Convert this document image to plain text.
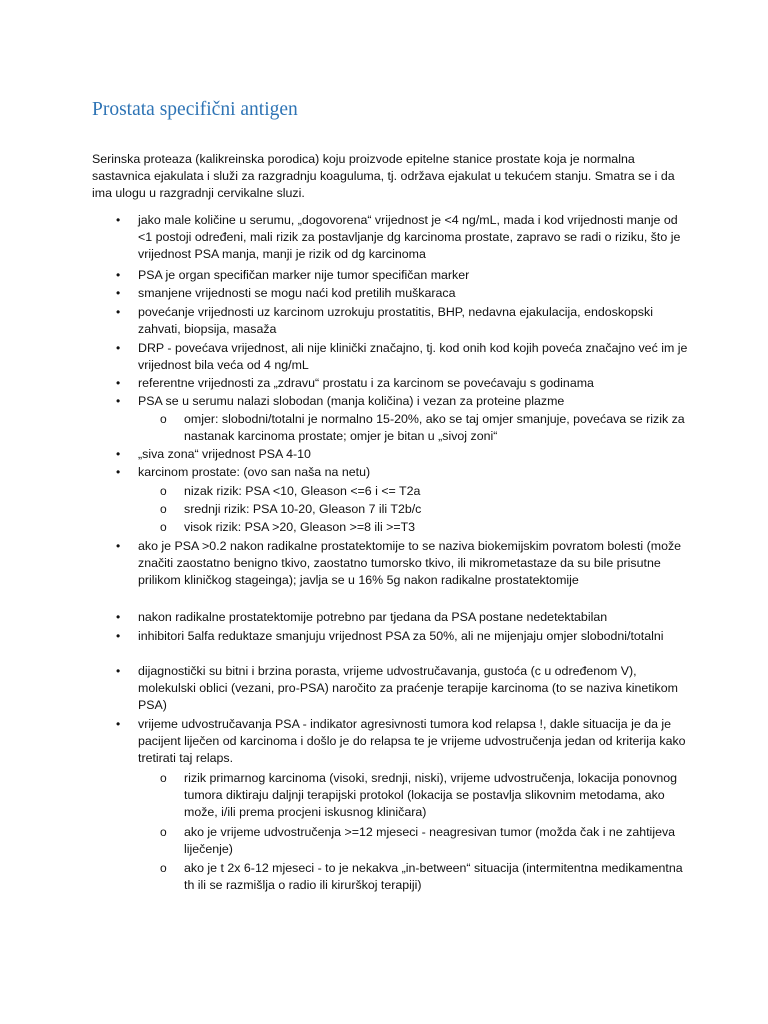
Prostata specifični antigen

Serinska proteaza (kalikreinska porodica) koju proizvode epitelne stanice prostate koja je normalna sastavnica ejakulata i služi za razgradnju koaguluma, tj. održava ejakulat u tekućem stanju. Smatra se i da ima ulogu u razgradnji cervikalne sluzi.

• jako male količine u serumu, „dogovorena“ vrijednost je <4 ng/mL, mada i kod vrijednosti manje od <1 postoji određeni, mali rizik za postavljanje dg karcinoma prostate, zapravo se radi o riziku, što je vrijednost PSA manja, manji je rizik od dg karcinoma
• PSA je organ specifičan marker nije tumor specifičan marker
• smanjene vrijednosti se mogu naći kod pretilih muškaraca
• povećanje vrijednosti uz karcinom uzrokuju prostatitis, BHP, nedavna ejakulacija, endoskopski zahvati, biopsija, masaža
• DRP - povećava vrijednost, ali nije klinički značajno, tj. kod onih kod kojih poveća značajno već im je vrijednost bila veća od 4 ng/mL
• referentne vrijednosti za „zdravu“ prostatu i za karcinom se povećavaju s godinama
• PSA se u serumu nalazi slobodan (manja količina) i vezan za proteine plazme
o omjer: slobodni/totalni je normalno 15-20%, ako se taj omjer smanjuje, povećava se rizik za nastanak karcinoma prostate; omjer je bitan u „sivoj zoni“
• „siva zona“ vrijednost PSA 4-10
• karcinom prostate: (ovo san naša na netu)
o nizak rizik: PSA <10, Gleason <=6 i <= T2a
o srednji rizik: PSA 10-20, Gleason 7 ili T2b/c
o visok rizik: PSA >20, Gleason >=8 ili >=T3
• ako je PSA >0.2 nakon radikalne prostatektomije to se naziva biokemijskim povratom bolesti (može značiti zaostatno benigno tkivo, zaostatno tumorsko tkivo, ili mikrometastaze da su bile prisutne prilikom kliničkog stageinga); javlja se u 16% 5g nakon radikalne prostatektomije
• nakon radikalne prostatektomije potrebno par tjedana da PSA postane nedetektabilan
• inhibitori 5alfa reduktaze smanjuju vrijednost PSA za 50%, ali ne mijenjaju omjer slobodni/totalni
• dijagnostički su bitni i brzina porasta, vrijeme udvostručavanja, gustoća (c u određenom V), molekulski oblici (vezani, pro-PSA) naročito za praćenje terapije karcinoma (to se naziva kinetikom PSA)
• vrijeme udvostručavanja PSA - indikator agresivnosti tumora kod relapsa !, dakle situacija je da je pacijent liječen od karcinoma i došlo je do relapsa te je vrijeme udvostručenja jedan od kriterija kako tretirati taj relaps.
o rizik primarnog karcinoma (visoki, srednji, niski), vrijeme udvostručenja, lokacija ponovnog tumora diktiraju daljnji terapijski protokol (lokacija se postavlja slikovnim metodama, ako može, i/ili prema procjeni iskusnog kliničara)
o ako je vrijeme udvostručenja >=12 mjeseci - neagresivan tumor (možda čak i ne zahtijeva liječenje)
o ako je t 2x 6-12 mjeseci - to je nekakva „in-between“ situacija (intermitentna medikamentna th ili se razmišlja o radio ili kirurškoj terapiji)
